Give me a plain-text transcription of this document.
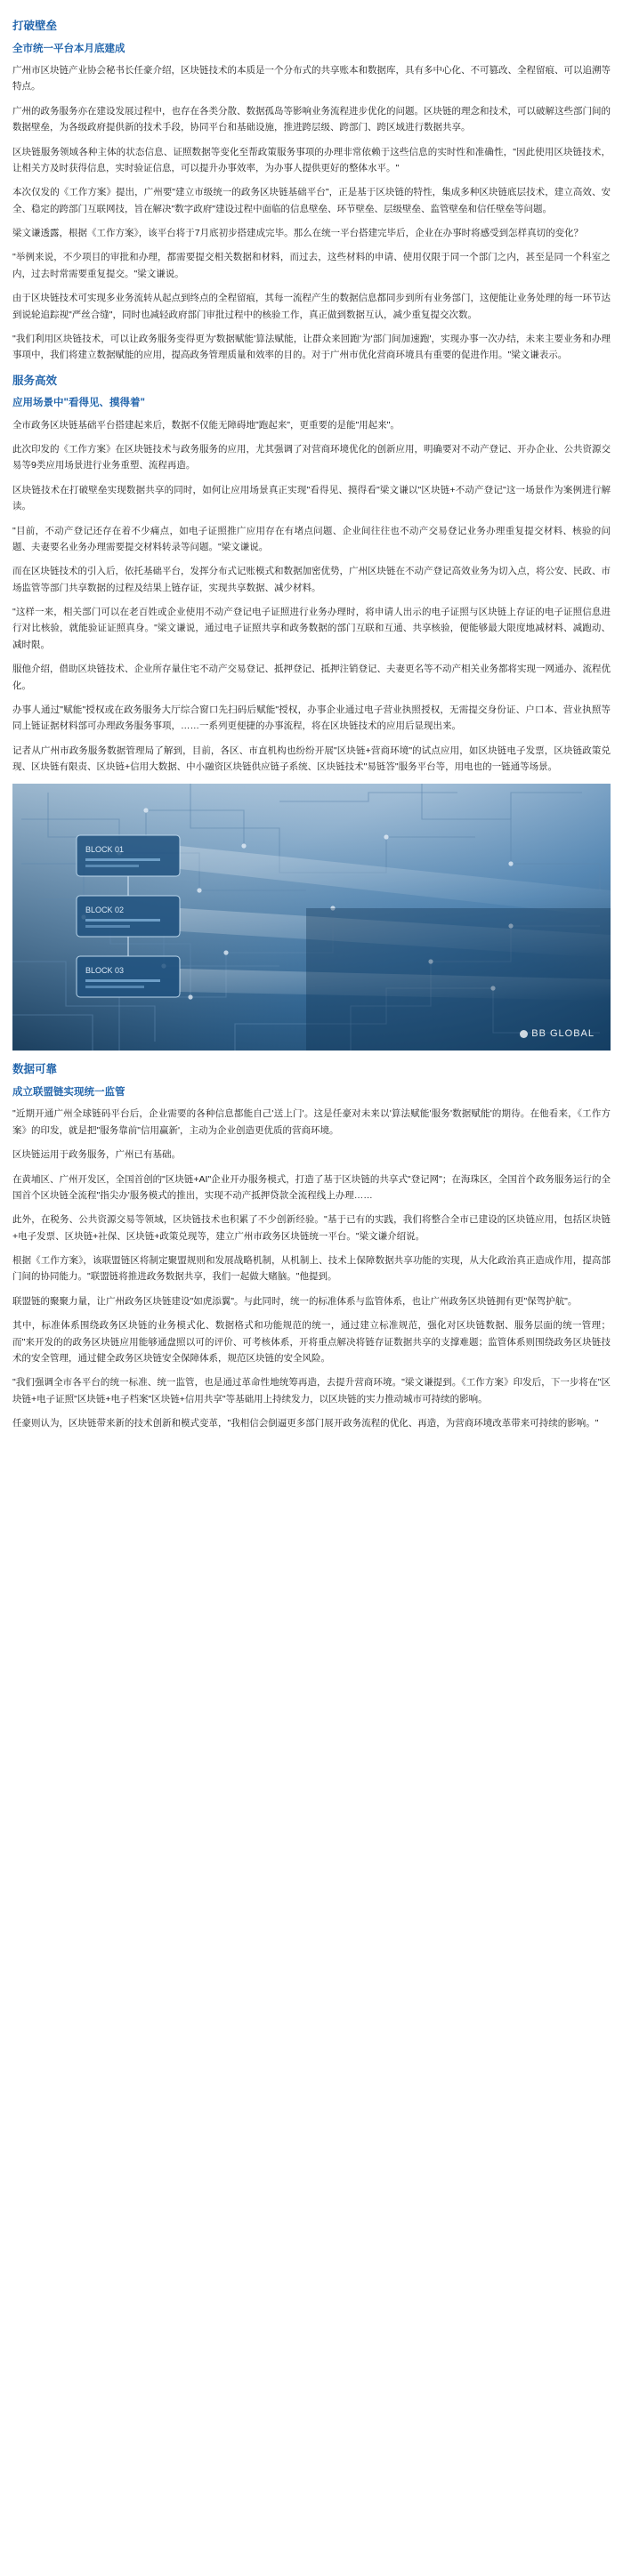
打破壁垒
全市统一平台本月底建成

广州市区块链产业协会秘书长任豪介绍，区块链技术的本质是一个分布式的共享账本和数据库，具有多中心化、不可篡改、全程留痕、可以追溯等特点。

广州的政务服务亦在建设发展过程中，也存在各类分散、数据孤岛等影响业务流程进步优化的问题。区块链的理念和技术，可以破解这些部门间的数据壁垒，为各级政府提供新的技术手段，协同平台和基础设施，推进跨层级、跨部门、跨区域进行数据共享。

区块链服务领域各种主体的状态信息、证照数据等变化至帮政策服务事项的办理非常依赖于这些信息的实时性和准确性，"因此使用区块链技术，让相关方及时获得信息，实时验证信息，可以提升办事效率，为办事人提供更好的整体水平。"

本次仅发的《工作方案》提出，广州要"建立市级统一的政务区块链基础平台"，正是基于区块链的特性，集成多种区块链底层技术，建立高效、安全、稳定的跨部门互联网技，旨在解决"数字政府"建设过程中面临的信息壁垒、环节壁垒、层级壁垒、监管壁垒和信任壁垒等问题。

梁文谦透露，根据《工作方案》，该平台将于7月底初步搭建成完毕。那么在统一平台搭建完毕后，企业在办事时将感受到怎样真切的变化？

"举例来说，不少项目的审批和办理，都需要提交相关数据和材料，而过去，这些材料的申请、使用仅限于同一个部门之内，甚至是同一个科室之内，过去时常需要重复提交。"梁文谦说。

由于区块链技术可实现多业务流转从起点到终点的全程留痕，其每一流程产生的数据信息都同步到所有业务部门，这便能让业务处理的每一环节达到说轮追踪视"严丝合缝"，同时也减轻政府部门审批过程中的核验工作，真正做到数据互认，减少重复提交次数。

"我们利用区块链技术，可以让政务服务变得更为'数据赋能'算法赋能，让群众来回跑'为'部门间加速跑'，实现办事一次办结，未来主要业务和办理事项中，我们将建立数据赋能的应用，提高政务管理质量和效率的目的。对于广州市优化营商环境具有重要的促进作用。"梁文谦表示。

服务高效
应用场景中"看得见、摸得着"

全市政务区块链基础平台搭建起来后，数据不仅能无障碍地"跑起来"，更重要的是能"用起来"。

此次印发的《工作方案》在区块链技术与政务服务的应用，尤其强调了对营商环境优化的创新应用，明确要对不动产登记、开办企业、公共资源交易等9类应用场景进行业务重塑、流程再造。

区块链技术在打破壁垒实现数据共享的同时，如何让应用场景真正实现"看得见、摸得看"梁文谦以"区块链+不动产登记"这一场景作为案例进行解读。

"目前，不动产登记还存在着不少痛点，如电子证照推广应用存在有堵点问题、企业间往往也不动产交易登记业务办理重复提交材料、核验的问题、夫妻要名业务办理需要提交材料转录等问题。"梁文谦说。

而在区块链技术的引入后，依托基础平台，发挥分布式记账模式和数据加密优势，广州区块链在不动产登记高效业务为切入点，将公安、民政、市场监管等部门共享数据的过程及结果上链存证，实现共享数据、减少材料。

"这样一来，相关部门可以在老百姓或企业使用不动产登记电子证照进行业务办理时，将申请人出示的电子证照与区块链上存证的电子证照信息进行对比核验，就能验证证照真身。"梁文谦说，通过电子证照共享和政务数据的部门互联和互通、共享核验，便能够最大限度地减材料、减跑动、减时限。

服他介绍，借助区块链技术、企业所存量住宅不动产交易登记、抵押登记、抵押注销登记、夫妻更名等不动产相关业务都将实现一网通办、流程优化。

办事人通过"赋能"授权或在政务服务大厅综合窗口先扫码后赋能"授权，办事企业通过电子营业执照授权，无需提交身份证、户口本、营业执照等同上链证据材料部可办理政务服务事项，……一系列更便捷的办事流程，将在区块链技术的应用后显现出来。

记者从广州市政务服务数据管理局了解到，目前，各区、市直机构也纷纷开展"区块链+营商环境"的试点应用，如区块链电子发票，区块链政策兑现、区块链有限责、区块链+信用大数据、中小融资区块链供应链子系统、区块链技术"易链答"服务平台等，用电也的一链通等场景。

BLOCK 01
BLOCK 02
BLOCK 03
BB GLOBAL
数据可靠
成立联盟链实现统一监管

"近期开通广州全球链码平台后，企业需要的各种信息都能自己'送上门'。这是任豪对未来以'算法赋能'服务'数据赋能'的期待。在他看来，《工作方案》的印发，就是把"服务靠前"信用赢新'，主动为企业创造更优质的营商环境。

区块链运用于政务服务，广州已有基础。

在黄埔区、广州开发区，全国首创的"区块链+AI"企业开办服务模式，打造了基于区块链的共享式"登记网"；在海珠区，全国首个政务服务运行的全国首个区块链全流程"指尖办'服务模式的推出，实现不动产抵押贷款全流程线上办理……

此外，在税务、公共资源交易等领域，区块链技术也积累了不少创新经验。"基于已有的实践，我们将整合全市已建设的区块链应用，包括区块链+电子发票、区块链+社保、区块链+政策兑现等，建立广州市政务区块链统一平台。"梁文谦介绍说。

根据《工作方案》，该联盟链区将制定聚盟规则和发展战略机制，从机制上、技术上保障数据共享功能的实现，从大化政治真正造成作用，提高部门间的协同能力。"联盟链将推进政务数据共享，我们一起做大赌脑。"他提到。

联盟链的聚聚力量，让广州政务区块链建设"如虎添翼"。与此同时，统一的标准体系与监管体系，也让广州政务区块链拥有更"保驾护航"。

其中，标准体系围绕政务区块链的业务模式化、数据格式和功能规范的统一，通过建立标准规范，强化对区块链数据、服务层面的统一管理；而"来开发的的政务区块链应用能够通盘照以可的评价、可考核体系，开将重点解决将链存证数据共享的支撑难题；监管体系则围绕政务区块链技术的安全管理，通过健全政务区块链安全保障体系，规范区块链的安全风险。

"我们强调全市各平台的统一标准、统一监管，也是通过革命性地统筹再造，去提升营商环境。"梁文谦提到。《工作方案》印发后，下一步将在"区块链+电子证照"区块链+电子档案"区块链+信用共享"等基础用上持续发力，以区块链的实力推动城市可持续的影响。

任豪则认为，区块链带来新的技术创新和模式变革，"我相信会倒逼更多部门展开政务流程的优化、再造，为营商环境改革带来可持续的影响。"
